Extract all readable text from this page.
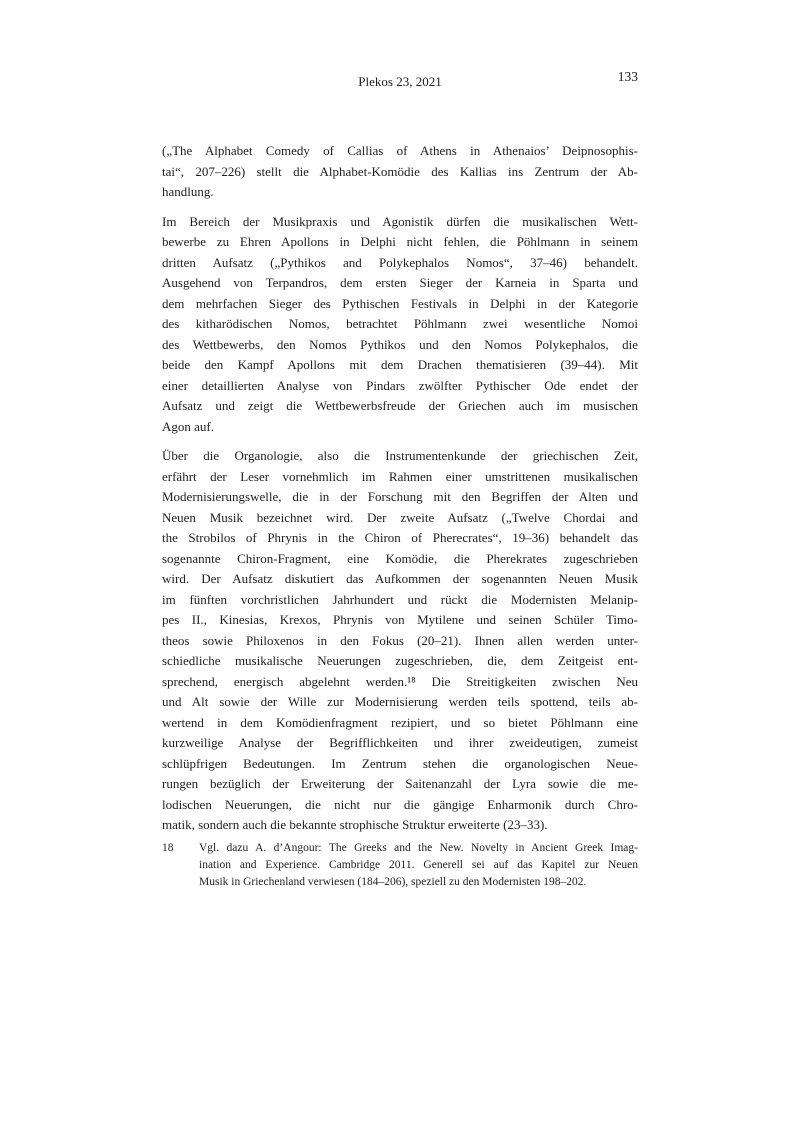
Plekos 23, 2021	133
(„The Alphabet Comedy of Callias of Athens in Athenaios’ Deipnosophis-
tai“, 207–226) stellt die Alphabet-Komödie des Kallias ins Zentrum der Ab-
handlung.
Im Bereich der Musikpraxis und Agonistik dürfen die musikalischen Wett-
bewerbe zu Ehren Apollons in Delphi nicht fehlen, die Pöhlmann in seinem
dritten Aufsatz („Pythikos and Polykephalos Nomos“, 37–46) behandelt.
Ausgehend von Terpandros, dem ersten Sieger der Karneia in Sparta und
dem mehrfachen Sieger des Pythischen Festivals in Delphi in der Kategorie
des kitharödischen Nomos, betrachtet Pöhlmann zwei wesentliche Nomoi
des Wettbewerbs, den Nomos Pythikos und den Nomos Polykephalos, die
beide den Kampf Apollons mit dem Drachen thematisieren (39–44). Mit
einer detaillierten Analyse von Pindars zwölfter Pythischer Ode endet der
Aufsatz und zeigt die Wettbewerbsfreude der Griechen auch im musischen
Agon auf.
Über die Organologie, also die Instrumentenkunde der griechischen Zeit,
erfährt der Leser vornehmlich im Rahmen einer umstrittenen musikalischen
Modernisierungswelle, die in der Forschung mit den Begriffen der Alten und
Neuen Musik bezeichnet wird. Der zweite Aufsatz („Twelve Chordai and
the Strobilos of Phrynis in the Chiron of Pherecrates“, 19–36) behandelt das
sogenannte Chiron-Fragment, eine Komödie, die Pherekrates zugeschrieben
wird. Der Aufsatz diskutiert das Aufkommen der sogenannten Neuen Musik
im fünften vorchristlichen Jahrhundert und rückt die Modernisten Melanip-
pes II., Kinesias, Krexos, Phrynis von Mytilene und seinen Schüler Timo-
theos sowie Philoxenos in den Fokus (20–21). Ihnen allen werden unter-
schiedliche musikalische Neuerungen zugeschrieben, die, dem Zeitgeist ent-
sprechend, energisch abgelehnt werden.¹⁸ Die Streitigkeiten zwischen Neu
und Alt sowie der Wille zur Modernisierung werden teils spottend, teils ab-
wertend in dem Komödienfragment rezipiert, und so bietet Pöhlmann eine
kurzweilige Analyse der Begrifflichkeiten und ihrer zweideutigen, zumeist
schlüpfrigen Bedeutungen. Im Zentrum stehen die organologischen Neue-
rungen bezüglich der Erweiterung der Saitenanzahl der Lyra sowie die me-
lodischen Neuerungen, die nicht nur die gängige Enharmonik durch Chro-
matik, sondern auch die bekannte strophische Struktur erweiterte (23–33).
18	Vgl. dazu A. d’Angour: The Greeks and the New. Novelty in Ancient Greek Imag-
ination and Experience. Cambridge 2011. Generell sei auf das Kapitel zur Neuen
Musik in Griechenland verwiesen (184–206), speziell zu den Modernisten 198–202.
